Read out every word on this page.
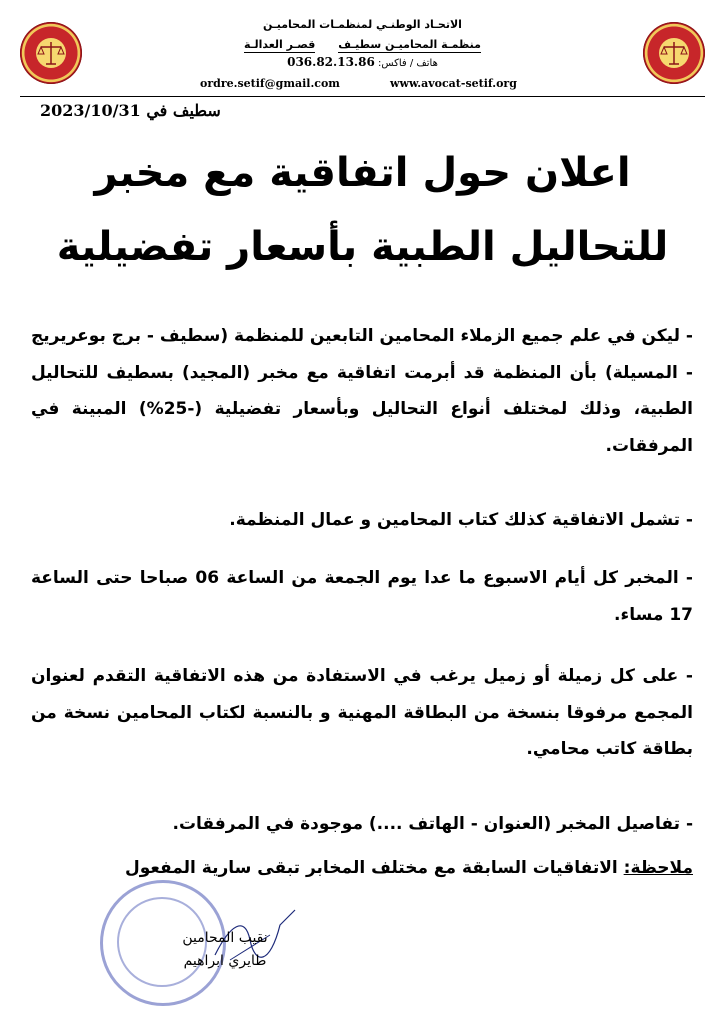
الاتحـاد الوطنـي لمنظمـات المحاميـن
منظمـة المحاميـن سطيـف      قصـر العدالـة
هاتف / فاكس: 036.82.13.86
ordre.setif@gmail.com	www.avocat-setif.org
2023/10/31 سطيف في
اعلان حول اتفاقية مع مخبر
للتحاليل الطبية بأسعار تفضيلية
- ليكن في علم جميع الزملاء المحامين التابعين للمنظمة (سطيف - برج بوعريريج - المسيلة) بأن المنظمة قد أبرمت اتفاقية مع مخبر (المجيد) بسطيف للتحاليل الطبية، وذلك لمختلف أنواع التحاليل وبأسعار تفضيلية (-25%) المبينة في المرفقات.
- تشمل الاتفاقية كذلك كتاب المحامين و عمال المنظمة.
- المخبر كل أيام الاسبوع ما عدا يوم الجمعة من الساعة 06 صباحا حتى الساعة 17 مساء.
- على كل زميلة أو زميل يرغب في الاستفادة من هذه الاتفاقية التقدم لعنوان المجمع مرفوقا بنسخة من البطاقة المهنية و بالنسبة لكتاب المحامين نسخة من بطاقة كاتب محامي.
- تفاصيل المخبر (العنوان - الهاتف ....) موجودة في المرفقات.
ملاحظة: الاتفاقيات السابقة مع مختلف المخابر تبقى سارية المفعول
نقيب المحامين
طايري ابراهيم
